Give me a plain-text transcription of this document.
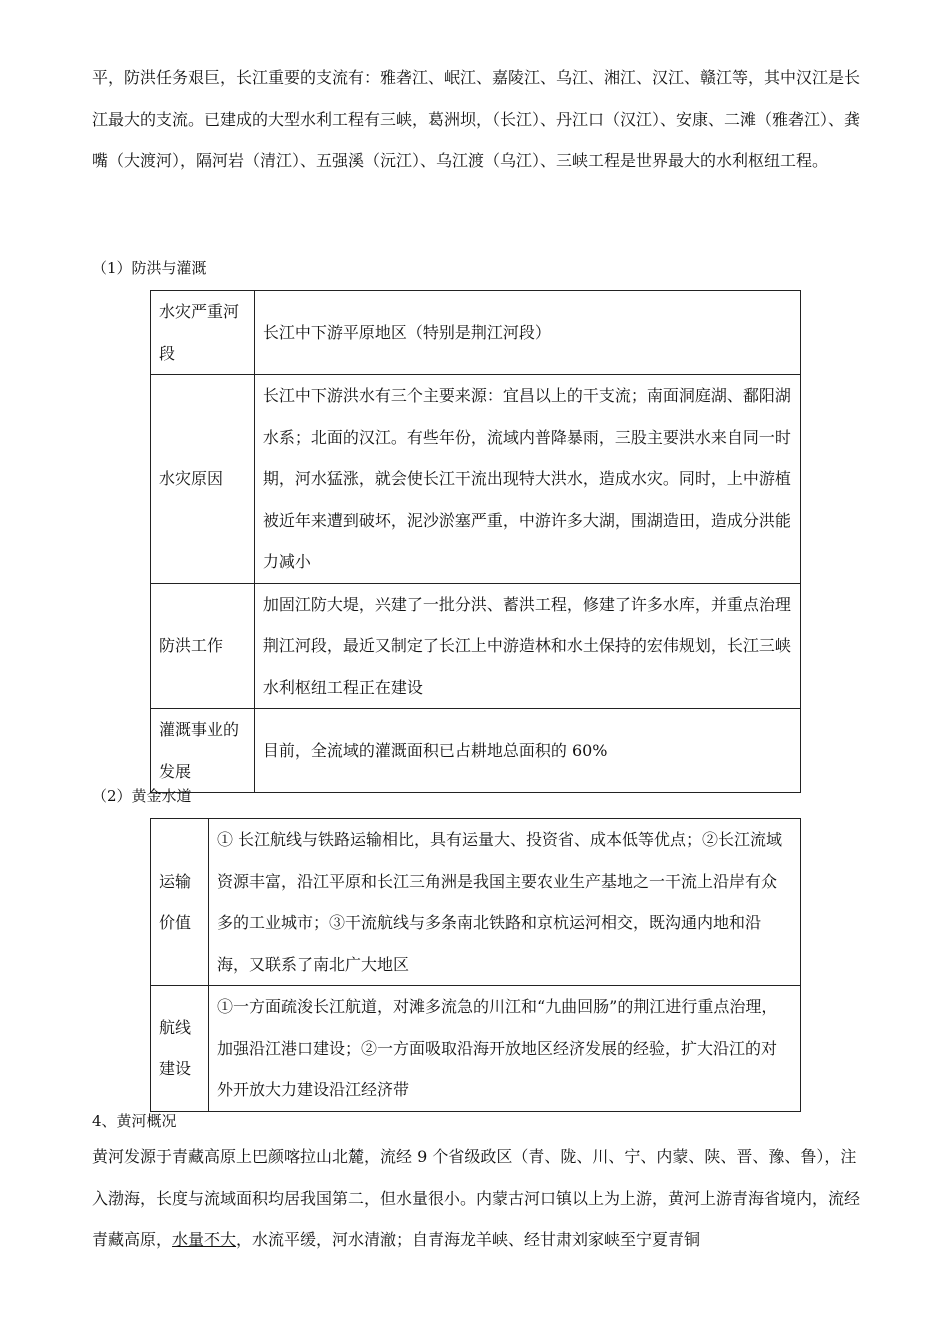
平，防洪任务艰巨，长江重要的支流有：雅砻江、岷江、嘉陵江、乌江、湘江、汉江、赣江等，其中汉江是长江最大的支流。已建成的大型水利工程有三峡，葛洲坝，（长江）、丹江口（汉江）、安康、二滩（雅砻江）、龚嘴（大渡河），隔河岩（清江）、五强溪（沅江）、乌江渡（乌江）、三峡工程是世界最大的水利枢纽工程。

（1）防洪与灌溉

水灾严重河段	长江中下游平原地区（特别是荆江河段）
水灾原因	长江中下游洪水有三个主要来源：宜昌以上的干支流；南面洞庭湖、鄱阳湖水系；北面的汉江。有些年份，流域内普降暴雨，三股主要洪水来自同一时期，河水猛涨，就会使长江干流出现特大洪水，造成水灾。同时，上中游植被近年来遭到破坏，泥沙淤塞严重，中游许多大湖，围湖造田，造成分洪能力减小
防洪工作	加固江防大堤，兴建了一批分洪、蓄洪工程，修建了许多水库，并重点治理荆江河段，最近又制定了长江上中游造林和水土保持的宏伟规划，长江三峡水利枢纽工程正在建设
灌溉事业的发展	目前，全流域的灌溉面积已占耕地总面积的 60%

（2）黄金水道

运输价值	① 长江航线与铁路运输相比，具有运量大、投资省、成本低等优点；②长江流域资源丰富，沿江平原和长江三角洲是我国主要农业生产基地之一干流上沿岸有众多的工业城市；③干流航线与多条南北铁路和京杭运河相交，既沟通内地和沿海，又联系了南北广大地区
航线建设	①一方面疏浚长江航道，对滩多流急的川江和“九曲回肠”的荆江进行重点治理，加强沿江港口建设；②一方面吸取沿海开放地区经济发展的经验，扩大沿江的对外开放大力建设沿江经济带

4、黄河概况

黄河发源于青藏高原上巴颜喀拉山北麓，流经 9 个省级政区（青、陇、川、宁、内蒙、陕、晋、豫、鲁），注入渤海，长度与流域面积均居我国第二，但水量很小。内蒙古河口镇以上为上游，黄河上游青海省境内，流经青藏高原，水量不大，水流平缓，河水清澈；自青海龙羊峡、经甘肃刘家峡至宁夏青铜
